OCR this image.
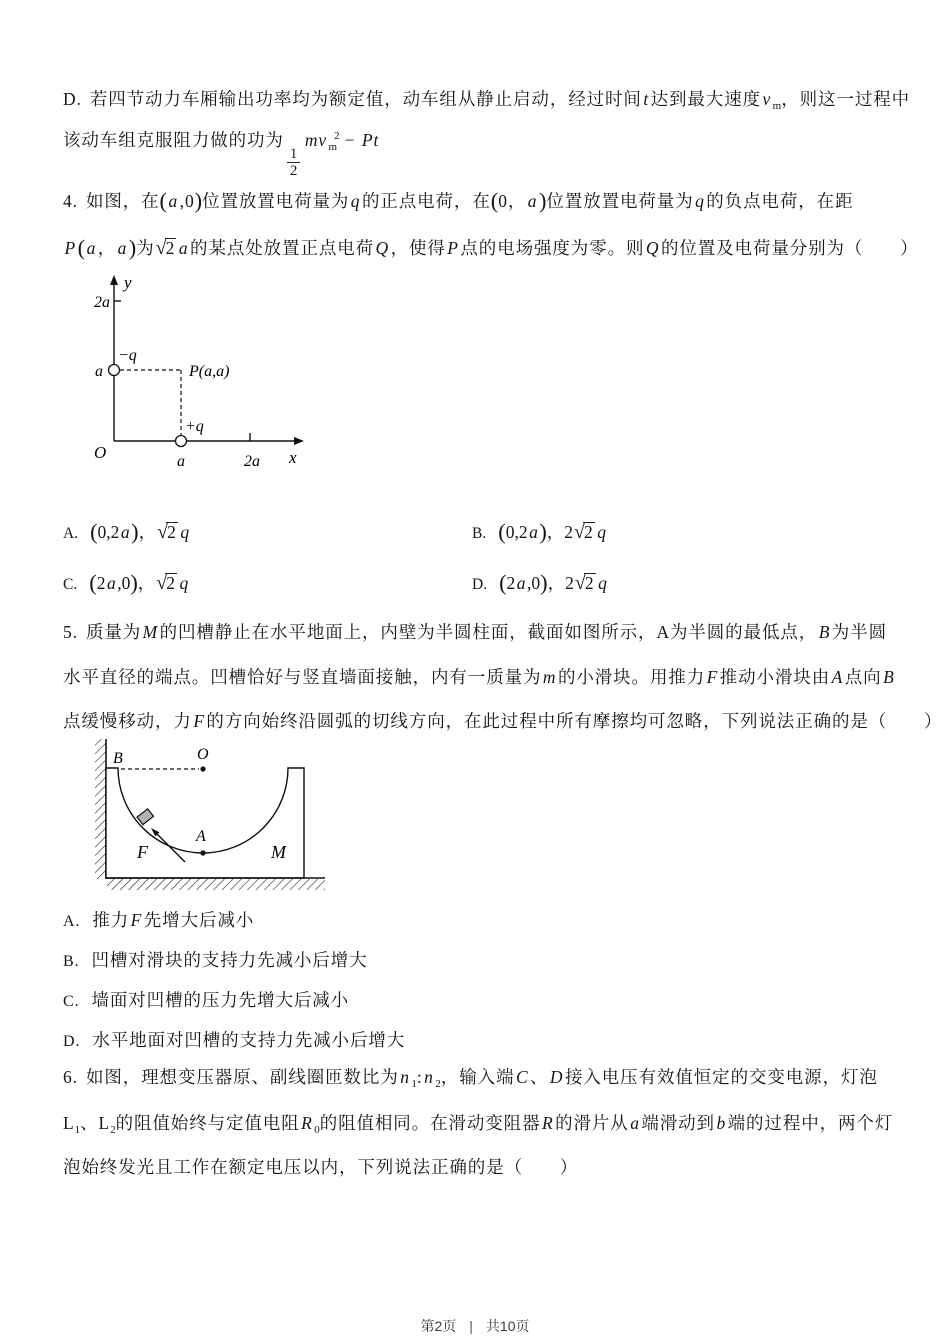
D. 若四节动力车厢输出功率均为额定值，动车组从静止启动，经过时间t达到最大速度v $_m$，则这一过程中
该动车组克服阻力做的功为
$\frac{1}{2}$
mv $_m^2$ − Pt
4. 如图，在(a,0)位置放置电荷量为q的正点电荷，在(0，a)位置放置电荷量为q的负点电荷，在距
P(a，a)为√2 a的某点处放置正点电荷Q，使得P点的电场强度为零。则Q的位置及电荷量分别为（　　）
y
2a
a
−q
P(a,a)
+q
O	a	2a x
A. (0,2a)，√2 q	B. (0,2a)，2√2 q
C. (2a,0)，√2 q	D. (2a,0)，2√2 q
5. 质量为M的凹槽静止在水平地面上，内壁为半圆柱面，截面如图所示，A为半圆的最低点，B为半圆
水平直径的端点。凹槽恰好与竖直墙面接触，内有一质量为m的小滑块。用推力F推动小滑块由A点向B
点缓慢移动，力F的方向始终沿圆弧的切线方向，在此过程中所有摩擦均可忽略，下列说法正确的是（　　）
B	O
A
F	M
A. 推力F先增大后减小
B. 凹槽对滑块的支持力先减小后增大
C. 墙面对凹槽的压力先增大后减小
D. 水平地面对凹槽的支持力先减小后增大
6. 如图，理想变压器原、副线圈匝数比为n $_1$:n $_2$，输入端C、D接入电压有效值恒定的交变电源，灯泡
$L_1$、$L_2$的阻值始终与定值电阻R $_0$的阻值相同。在滑动变阻器R的滑片从a端滑动到b端的过程中，两个灯
泡始终发光且工作在额定电压以内，下列说法正确的是（　　）
第2页 | 共10页
